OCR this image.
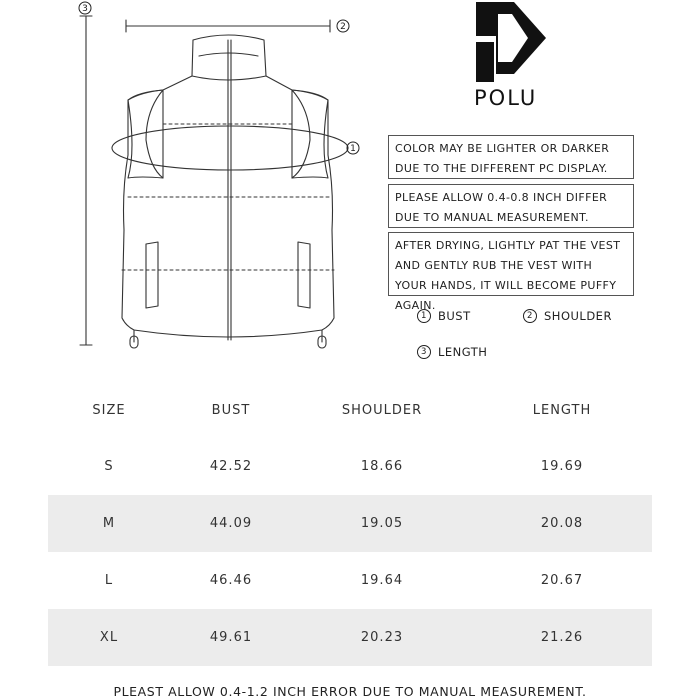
3
2
1
POLU
COLOR MAY BE LIGHTER OR DARKER DUE TO THE DIFFERENT PC DISPLAY.
PLEASE ALLOW 0.4-0.8 INCH DIFFER DUE TO MANUAL MEASUREMENT.
AFTER DRYING, LIGHTLY PAT THE VEST AND GENTLY RUB THE VEST WITH YOUR HANDS, IT WILL BECOME PUFFY AGAIN.
1 BUST	2 SHOULDER
3 LENGTH
SIZE	BUST	SHOULDER	LENGTH
S	42.52	18.66	19.69
M	44.09	19.05	20.08
L	46.46	19.64	20.67
XL	49.61	20.23	21.26
PLEAST ALLOW 0.4-1.2 INCH ERROR DUE TO MANUAL MEASUREMENT.
